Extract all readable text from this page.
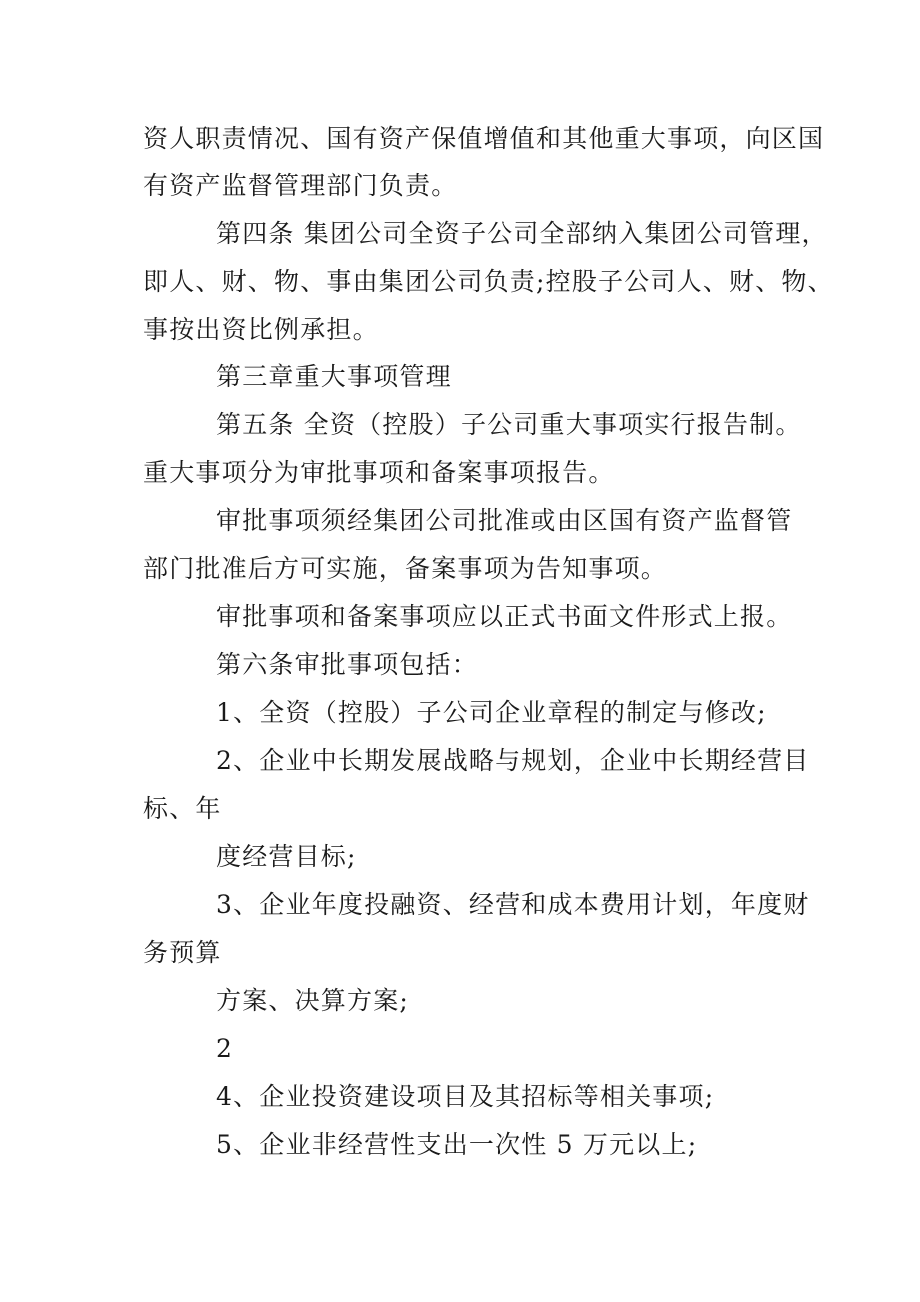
资人职责情况、国有资产保值增值和其他重大事项，向区国
有资产监督管理部门负责。
第四条 集团公司全资子公司全部纳入集团公司管理，
即人、财、物、事由集团公司负责;控股子公司人、财、物、
事按出资比例承担。
第三章重大事项管理
第五条 全资（控股）子公司重大事项实行报告制。
重大事项分为审批事项和备案事项报告。
审批事项须经集团公司批准或由区国有资产监督管
部门批准后方可实施，备案事项为告知事项。
审批事项和备案事项应以正式书面文件形式上报。
第六条审批事项包括：
1、全资（控股）子公司企业章程的制定与修改;
2、企业中长期发展战略与规划，企业中长期经营目
标、年
度经营目标;
3、企业年度投融资、经营和成本费用计划，年度财
务预算
方案、决算方案;
2
4、企业投资建设项目及其招标等相关事项;
5、企业非经营性支出一次性 5 万元以上;
